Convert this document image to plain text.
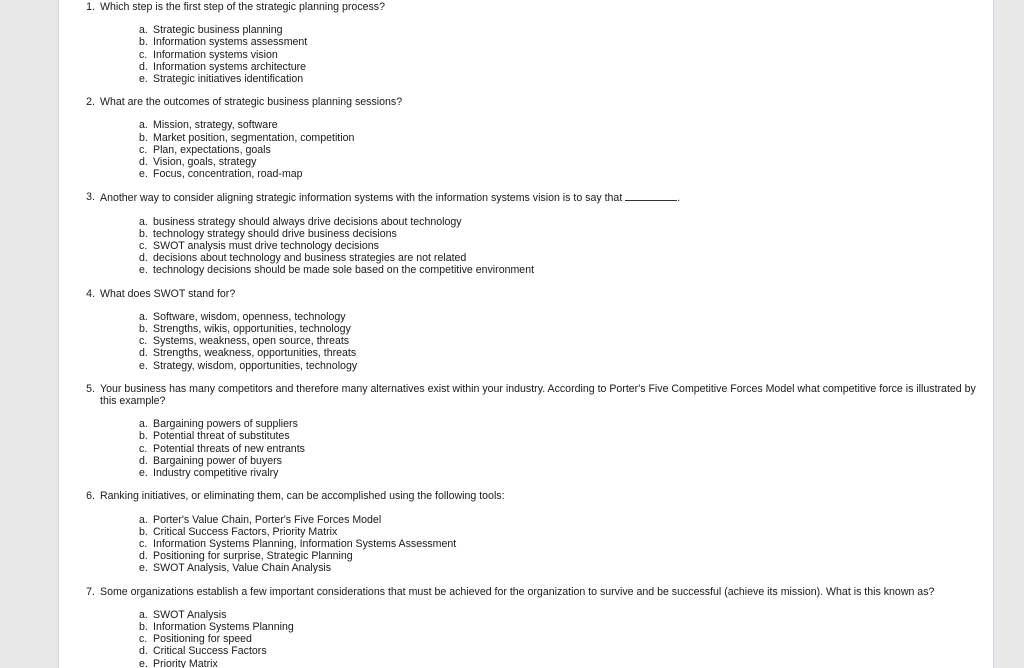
1. Which step is the first step of the strategic planning process?
a. Strategic business planning
b. Information systems assessment
c. Information systems vision
d. Information systems architecture
e. Strategic initiatives identification
2. What are the outcomes of strategic business planning sessions?
a. Mission, strategy, software
b. Market position, segmentation, competition
c. Plan, expectations, goals
d. Vision, goals, strategy
e. Focus, concentration, road-map
3. Another way to consider aligning strategic information systems with the information systems vision is to say that	.
a. business strategy should always drive decisions about technology
b. technology strategy should drive business decisions
c. SWOT analysis must drive technology decisions
d. decisions about technology and business strategies are not related
e. technology decisions should be made sole based on the competitive environment
4. What does SWOT stand for?
a. Software, wisdom, openness, technology
b. Strengths, wikis, opportunities, technology
c. Systems, weakness, open source, threats
d. Strengths, weakness, opportunities, threats
e. Strategy, wisdom, opportunities, technology
5. Your business has many competitors and therefore many alternatives exist within your industry. According to Porter's Five Competitive Forces Model what competitive force is illustrated by this example?
a. Bargaining powers of suppliers
b. Potential threat of substitutes
c. Potential threats of new entrants
d. Bargaining power of buyers
e. Industry competitive rivalry
6. Ranking initiatives, or eliminating them, can be accomplished using the following tools:
a. Porter's Value Chain, Porter's Five Forces Model
b. Critical Success Factors, Priority Matrix
c. Information Systems Planning, Information Systems Assessment
d. Positioning for surprise, Strategic Planning
e. SWOT Analysis, Value Chain Analysis
7. Some organizations establish a few important considerations that must be achieved for the organization to survive and be successful (achieve its mission). What is this known as?
a. SWOT Analysis
b. Information Systems Planning
c. Positioning for speed
d. Critical Success Factors
e. Priority Matrix
